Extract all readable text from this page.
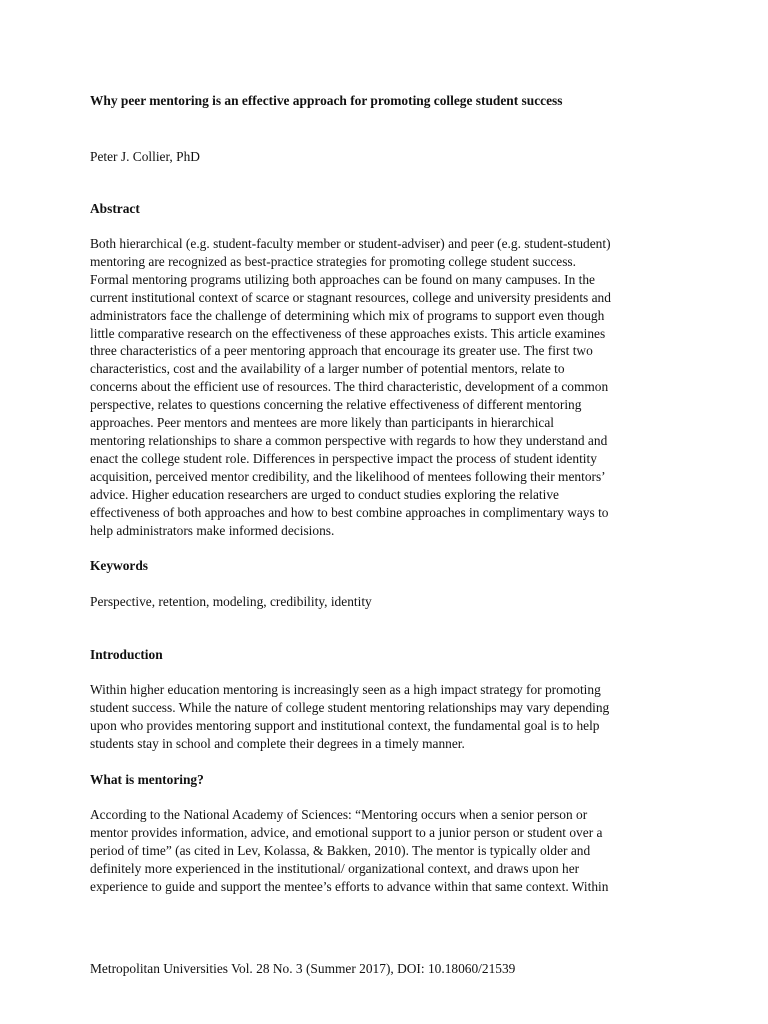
Why peer mentoring is an effective approach for promoting college student success

Peter J. Collier, PhD

Abstract

Both hierarchical (e.g. student-faculty member or student-adviser) and peer (e.g. student-student)
mentoring are recognized as best-practice strategies for promoting college student success.
Formal mentoring programs utilizing both approaches can be found on many campuses. In the
current institutional context of scarce or stagnant resources, college and university presidents and
administrators face the challenge of determining which mix of programs to support even though
little comparative research on the effectiveness of these approaches exists. This article examines
three characteristics of a peer mentoring approach that encourage its greater use. The first two
characteristics, cost and the availability of a larger number of potential mentors, relate to
concerns about the efficient use of resources. The third characteristic, development of a common
perspective, relates to questions concerning the relative effectiveness of different mentoring
approaches. Peer mentors and mentees are more likely than participants in hierarchical
mentoring relationships to share a common perspective with regards to how they understand and
enact the college student role. Differences in perspective impact the process of student identity
acquisition, perceived mentor credibility, and the likelihood of mentees following their mentors’
advice. Higher education researchers are urged to conduct studies exploring the relative
effectiveness of both approaches and how to best combine approaches in complimentary ways to
help administrators make informed decisions.

Keywords

Perspective, retention, modeling, credibility, identity

Introduction

Within higher education mentoring is increasingly seen as a high impact strategy for promoting
student success. While the nature of college student mentoring relationships may vary depending
upon who provides mentoring support and institutional context, the fundamental goal is to help
students stay in school and complete their degrees in a timely manner.

What is mentoring?

According to the National Academy of Sciences: “Mentoring occurs when a senior person or
mentor provides information, advice, and emotional support to a junior person or student over a
period of time” (as cited in Lev, Kolassa, & Bakken, 2010). The mentor is typically older and
definitely more experienced in the institutional/ organizational context, and draws upon her
experience to guide and support the mentee’s efforts to advance within that same context. Within

Metropolitan Universities Vol. 28 No. 3 (Summer 2017), DOI: 10.18060/21539
